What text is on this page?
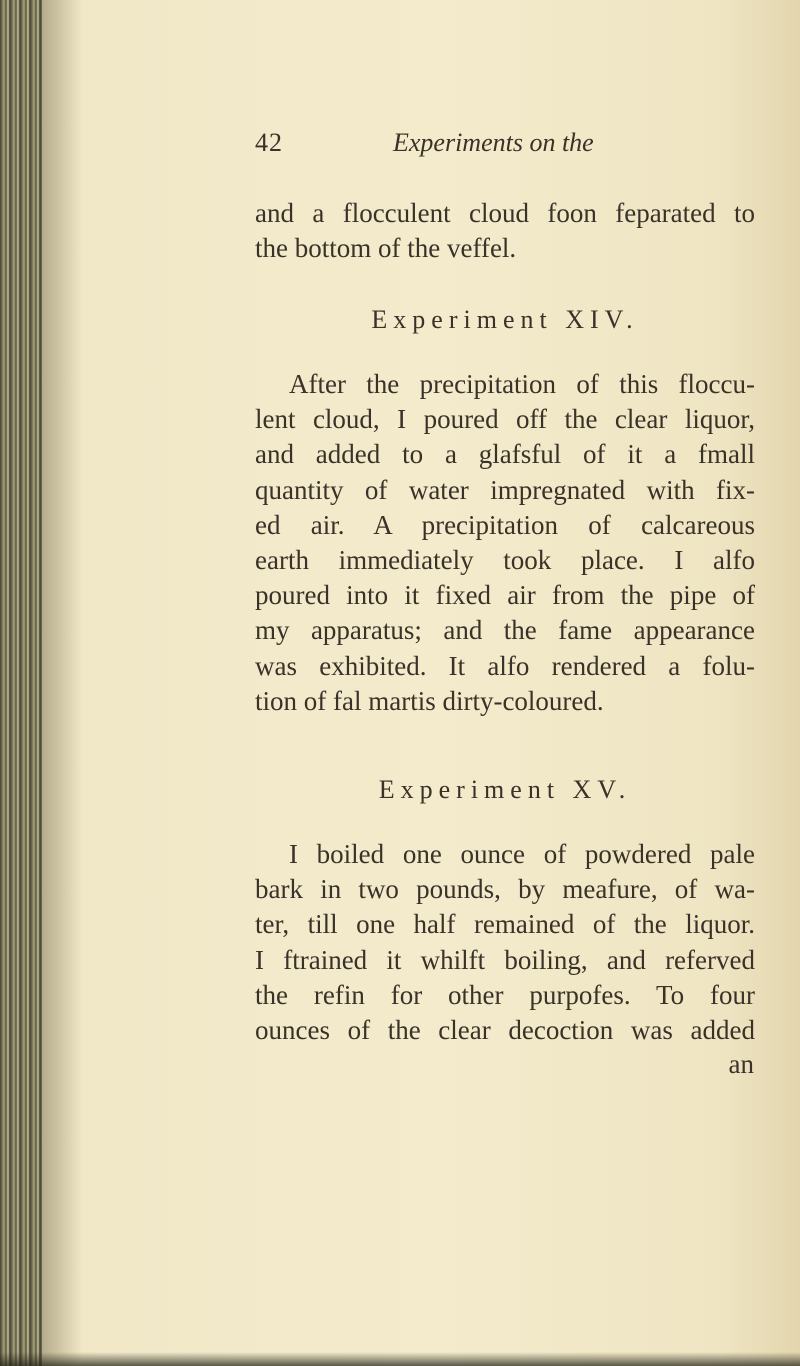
42	Experiments on the
and a flocculent cloud foon feparated to
the bottom of the veffel.
Experiment XIV.
After the precipitation of this floccu-
lent cloud, I poured off the clear liquor,
and added to a glafsful of it a fmall
quantity of water impregnated with fix-
ed air. A precipitation of calcareous
earth immediately took place. I alfo
poured into it fixed air from the pipe of
my apparatus; and the fame appearance
was exhibited. It alfo rendered a folu-
tion of fal martis dirty-coloured.
Experiment XV.
I boiled one ounce of powdered pale
bark in two pounds, by meafure, of wa-
ter, till one half remained of the liquor.
I ftrained it whilft boiling, and referved
the refin for other purpofes. To four
ounces of the clear decoction was added
an
